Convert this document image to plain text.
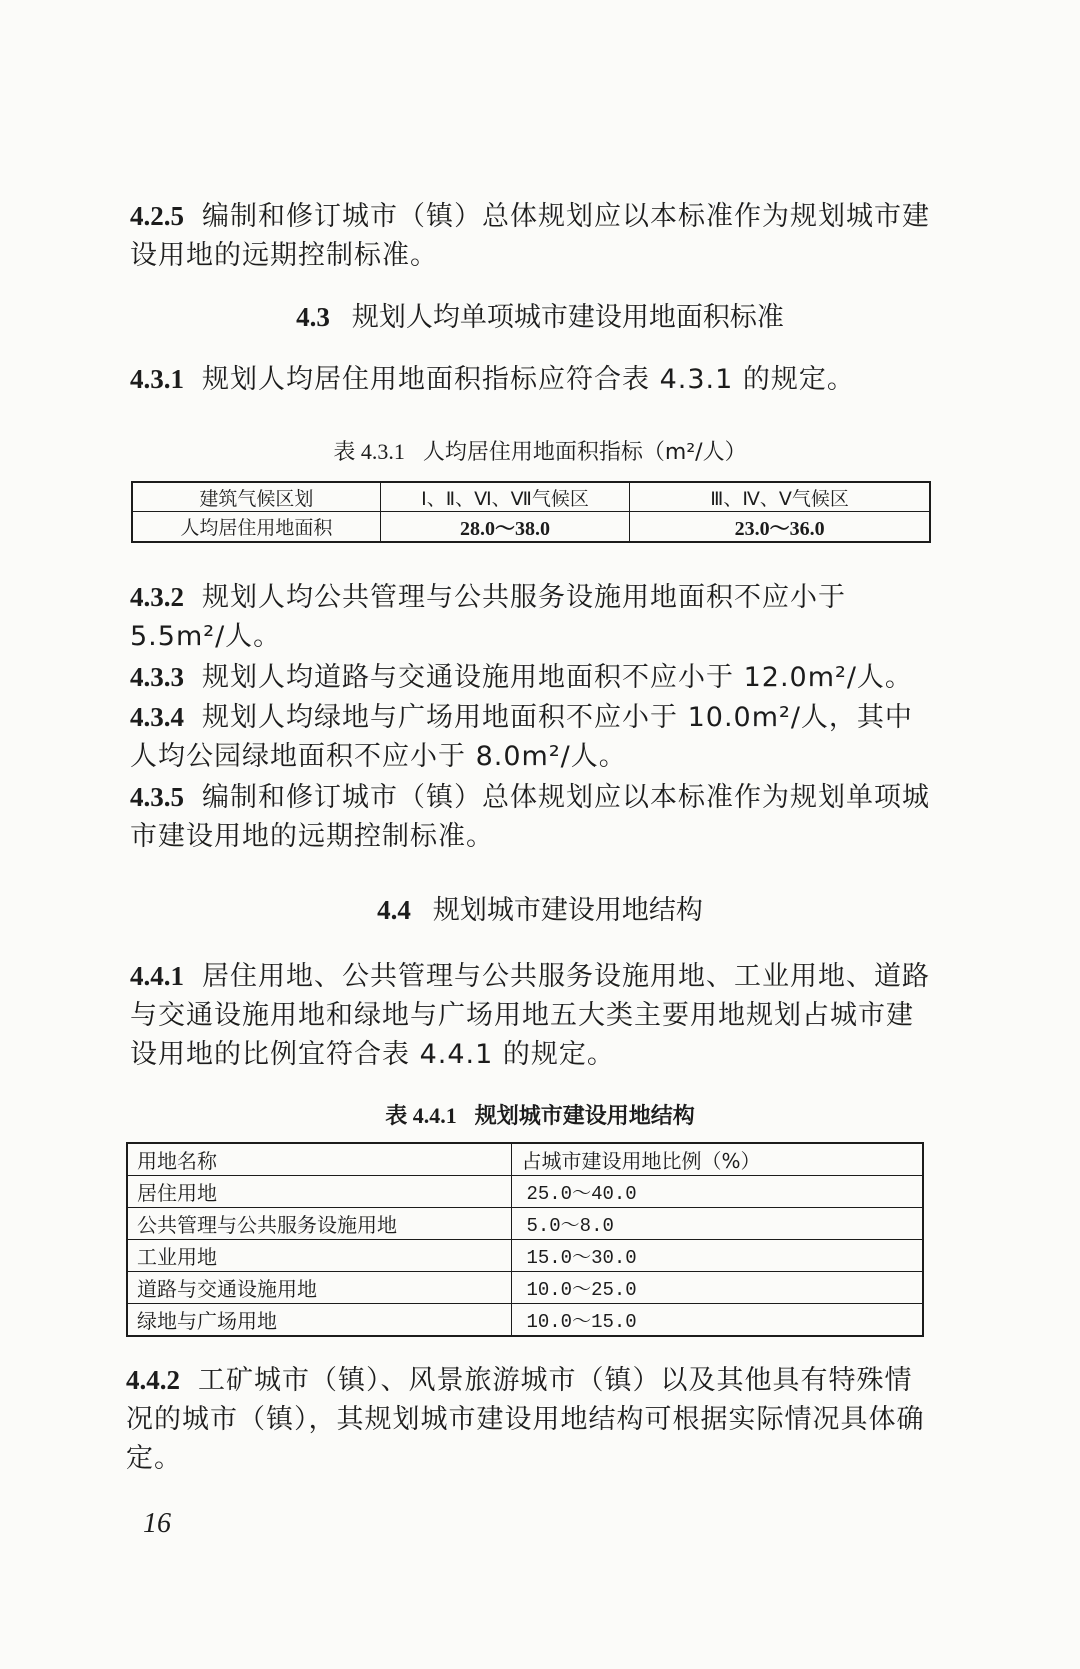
4.2.5 编制和修订城市（镇）总体规划应以本标准作为规划城市建设用地的远期控制标准。
4.3 规划人均单项城市建设用地面积标准
4.3.1 规划人均居住用地面积指标应符合表 4.3.1 的规定。
表 4.3.1 人均居住用地面积指标（m²/人）
建筑气候区划	Ⅰ、Ⅱ、Ⅵ、Ⅶ气候区	Ⅲ、Ⅳ、Ⅴ气候区
人均居住用地面积	28.0～38.0	23.0～36.0
4.3.2 规划人均公共管理与公共服务设施用地面积不应小于 5.5m²/人。
4.3.3 规划人均道路与交通设施用地面积不应小于 12.0m²/人。
4.3.4 规划人均绿地与广场用地面积不应小于 10.0m²/人，其中人均公园绿地面积不应小于 8.0m²/人。
4.3.5 编制和修订城市（镇）总体规划应以本标准作为规划单项城市建设用地的远期控制标准。
4.4 规划城市建设用地结构
4.4.1 居住用地、公共管理与公共服务设施用地、工业用地、道路与交通设施用地和绿地与广场用地五大类主要用地规划占城市建设用地的比例宜符合表 4.4.1 的规定。
表 4.4.1 规划城市建设用地结构
用地名称	占城市建设用地比例（%）
居住用地	25.0～40.0
公共管理与公共服务设施用地	5.0～8.0
工业用地	15.0～30.0
道路与交通设施用地	10.0～25.0
绿地与广场用地	10.0～15.0
4.4.2 工矿城市（镇）、风景旅游城市（镇）以及其他具有特殊情况的城市（镇），其规划城市建设用地结构可根据实际情况具体确定。
16
